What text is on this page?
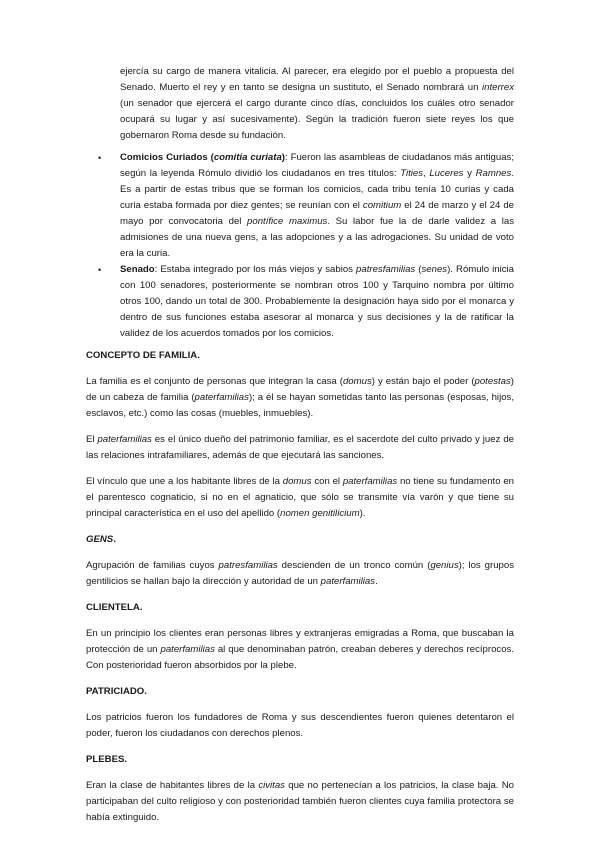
ejercía su cargo de manera vitalicia. Al parecer, era elegido por el pueblo a propuesta del Senado. Muerto el rey y en tanto se designa un sustituto, el Senado nombrará un interrex (un senador que ejercerá el cargo durante cinco días, concluidos los cuáles otro senador ocupará su lugar y así sucesivamente). Según la tradición fueron siete reyes los que gobernaron Roma desde su fundación.

• Comicios Curiados (comitia curiata): Fueron las asambleas de ciudadanos más antiguas; según la leyenda Rómulo dividió los ciudadanos en tres títulos: Tities, Luceres y Ramnes. Es a partir de estas tribus que se forman los comicios, cada tribu tenía 10 curias y cada curia estaba formada por diez gentes; se reunían con el comitium el 24 de marzo y el 24 de mayo por convocatoria del pontífice maximus. Su labor fue la de darle validez a las admisiones de una nueva gens, a las adopciones y a las adrogaciones. Su unidad de voto era la curia.

• Senado: Estaba integrado por los más viejos y sabios patresfamilias (senes). Rómulo inicia con 100 senadores, posteriormente se nombran otros 100 y Tarquino nombra por último otros 100, dando un total de 300. Probablemente la designación haya sido por el monarca y dentro de sus funciones estaba asesorar al monarca y sus decisiones y la de ratificar la validez de los acuerdos tomados por los comicios.

CONCEPTO DE FAMILIA.

La familia es el conjunto de personas que integran la casa (domus) y están bajo el poder (potestas) de un cabeza de familia (paterfamilias); a él se hayan sometidas tanto las personas (esposas, hijos, esclavos, etc.) como las cosas (muebles, inmuebles).

El paterfamilias es el único dueño del patrimonio familiar, es el sacerdote del culto privado y juez de las relaciones intrafamiliares, además de que ejecutará las sanciones.

El vínculo que une a los habitante libres de la domus con el paterfamilias no tiene su fundamento en el parentesco cognaticio, si no en el agnaticio, que sólo se transmite vía varón y que tiene su principal característica en el uso del apellido (nomen genitilicium).

GENS.

Agrupación de familias cuyos patresfamilias descienden de un tronco común (genius); los grupos gentilicios se hallan bajo la dirección y autoridad de un paterfamilias.

CLIENTELA.

En un principio los clientes eran personas libres y extranjeras emigradas a Roma, que buscaban la protección de un paterfamilias al que denominaban patrón, creaban deberes y derechos recíprocos. Con posterioridad fueron absorbidos por la plebe.

PATRICIADO.

Los patricios fueron los fundadores de Roma y sus descendientes fueron quienes detentaron el poder, fueron los ciudadanos con derechos plenos.

PLEBES.

Eran la clase de habitantes libres de la civitas que no pertenecían a los patricios, la clase baja. No participaban del culto religioso y con posterioridad también fueron clientes cuya familia protectora se había extinguido.
